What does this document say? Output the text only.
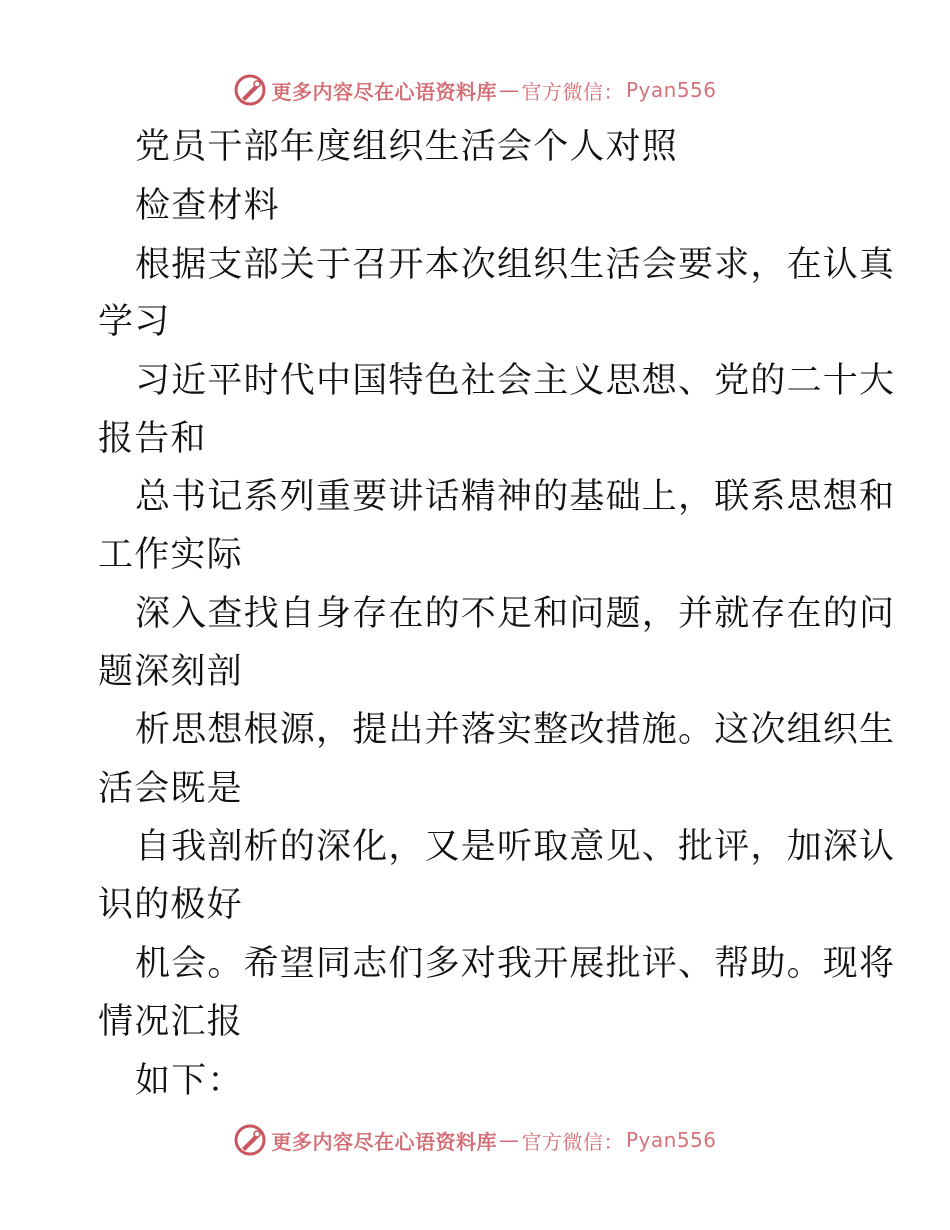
更多内容尽在心语资料库 — 官方微信： Pyan556
党员干部年度组织生活会个人对照
检查材料
根据支部关于召开本次组织生活会要求，在认真
学习
习近平时代中国特色社会主义思想、党的二十大
报告和
总书记系列重要讲话精神的基础上，联系思想和
工作实际
深入查找自身存在的不足和问题，并就存在的问
题深刻剖
析思想根源，提出并落实整改措施。这次组织生
活会既是
自我剖析的深化，又是听取意见、批评，加深认
识的极好
机会。希望同志们多对我开展批评、帮助。现将
情况汇报
如下：
更多内容尽在心语资料库 — 官方微信： Pyan556
